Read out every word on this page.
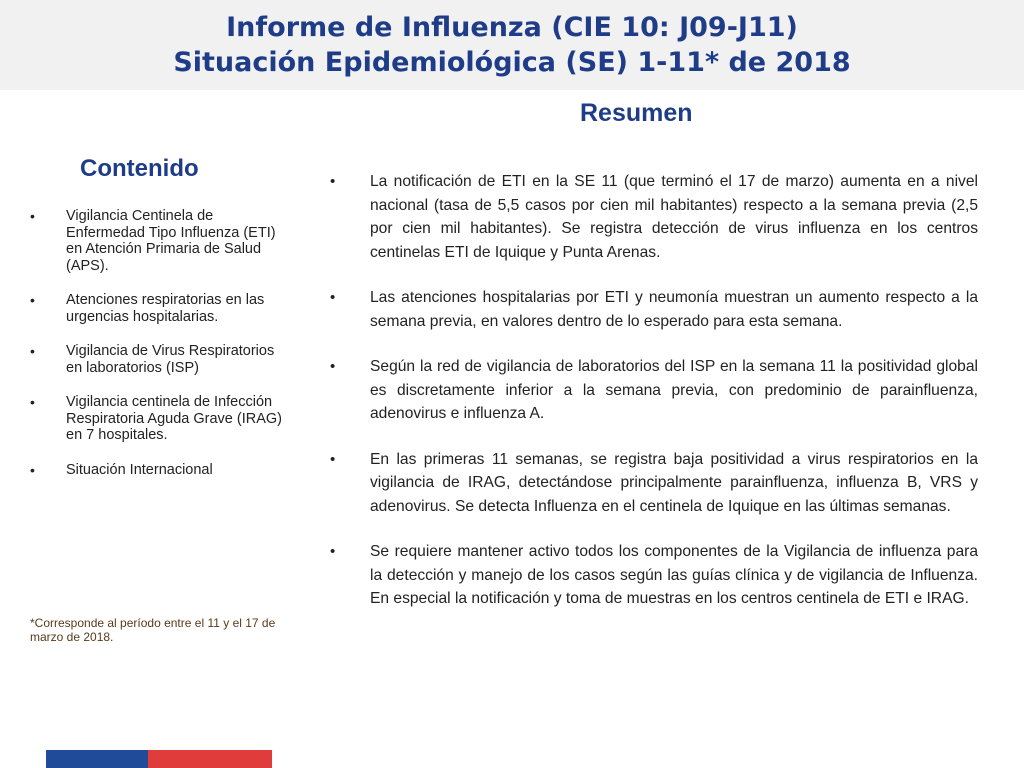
Informe de Influenza (CIE 10: J09-J11)
Situación Epidemiológica (SE) 1-11* de 2018
Resumen
Contenido
• Vigilancia Centinela de Enfermedad Tipo Influenza (ETI) en Atención Primaria de Salud (APS).
• Atenciones respiratorias en las urgencias hospitalarias.
• Vigilancia de Virus Respiratorios en laboratorios (ISP)
• Vigilancia centinela de Infección Respiratoria Aguda Grave (IRAG) en 7 hospitales.
• Situación Internacional

*Corresponde al período entre el 11 y el 17 de marzo de 2018.

• La notificación de ETI en la SE 11 (que terminó el 17 de marzo) aumenta en a nivel nacional (tasa de 5,5 casos por cien mil habitantes) respecto a la semana previa (2,5 por cien mil habitantes). Se registra detección de virus influenza en los centros centinelas ETI de Iquique y Punta Arenas.
• Las atenciones hospitalarias por ETI y neumonía muestran un aumento respecto a la semana previa, en valores dentro de lo esperado para esta semana.
• Según la red de vigilancia de laboratorios del ISP en la semana 11 la positividad global es discretamente inferior a la semana previa, con predominio de parainfluenza, adenovirus e influenza A.
• En las primeras 11 semanas, se registra baja positividad a virus respiratorios en la vigilancia de IRAG, detectándose principalmente parainfluenza, influenza B, VRS y adenovirus. Se detecta Influenza en el centinela de Iquique en las últimas semanas.
• Se requiere mantener activo todos los componentes de la Vigilancia de influenza para la detección y manejo de los casos según las guías clínica y de vigilancia de Influenza. En especial la notificación y toma de muestras en los centros centinela de ETI e IRAG.
